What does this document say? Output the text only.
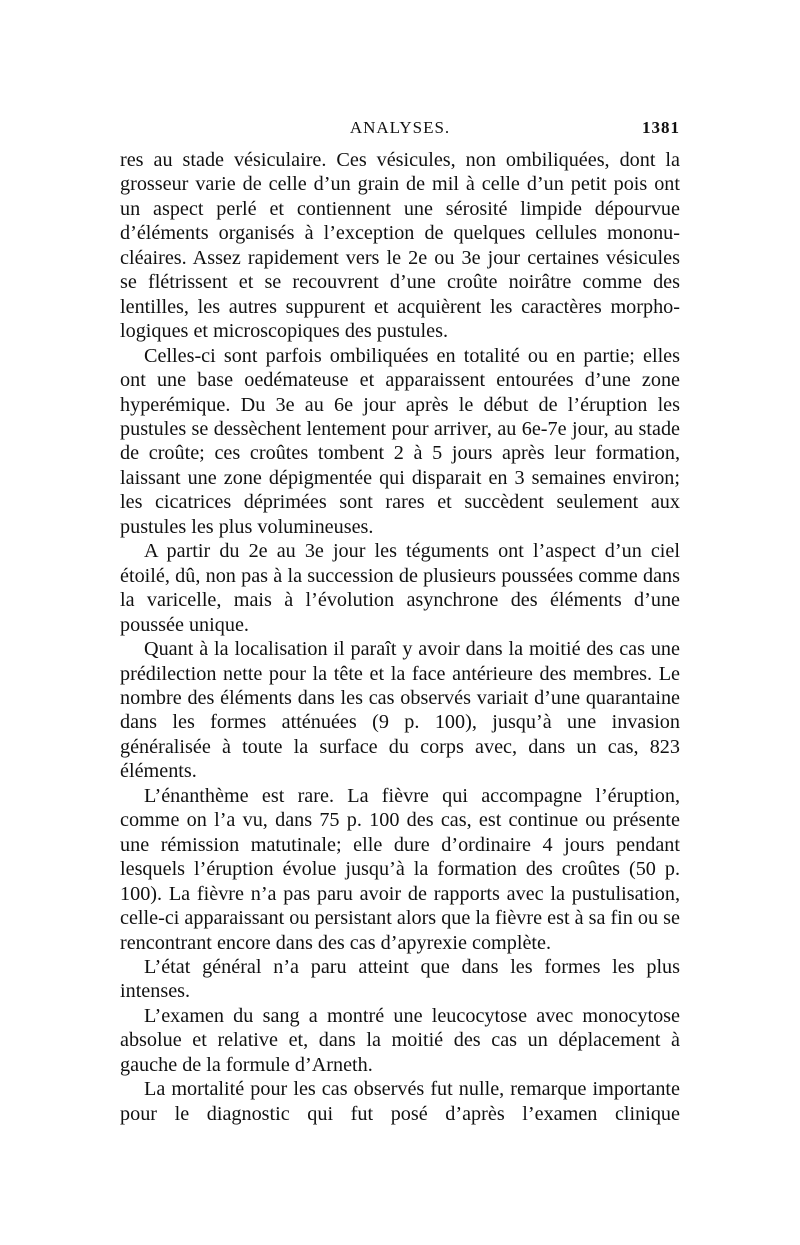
ANALYSES.	1381

res au stade vésiculaire. Ces vésicules, non ombiliquées, dont la grosseur varie de celle d’un grain de mil à celle d’un petit pois ont un aspect perlé et contiennent une sérosité limpide dépourvue d’éléments organisés à l’exception de quelques cellules mononucléaires. Assez rapidement vers le 2e ou 3e jour certaines vésicules se flétrissent et se recouvrent d’une croûte noirâtre comme des lentilles, les autres suppurent et acquièrent les caractères morphologiques et microscopiques des pustules.

Celles-ci sont parfois ombiliquées en totalité ou en partie; elles ont une base oedémateuse et apparaissent entourées d’une zone hyperémique. Du 3e au 6e jour après le début de l’éruption les pustules se dessèchent lentement pour arriver, au 6e-7e jour, au stade de croûte; ces croûtes tombent 2 à 5 jours après leur formation, laissant une zone dépigmentée qui disparait en 3 semaines environ; les cicatrices déprimées sont rares et succèdent seulement aux pustules les plus volumineuses.

A partir du 2e au 3e jour les téguments ont l’aspect d’un ciel étoilé, dû, non pas à la succession de plusieurs poussées comme dans la varicelle, mais à l’évolution asynchrone des éléments d’une poussée unique.

Quant à la localisation il paraît y avoir dans la moitié des cas une prédilection nette pour la tête et la face antérieure des membres. Le nombre des éléments dans les cas observés variait d’une quarantaine dans les formes atténuées (9 p. 100), jusqu’à une invasion généralisée à toute la surface du corps avec, dans un cas, 823 éléments.

L’énanthème est rare. La fièvre qui accompagne l’éruption, comme on l’a vu, dans 75 p. 100 des cas, est continue ou présente une rémission matutinale; elle dure d’ordinaire 4 jours pendant lesquels l’éruption évolue jusqu’à la formation des croûtes (50 p. 100). La fièvre n’a pas paru avoir de rapports avec la pustulisation, celle-ci apparaissant ou persistant alors que la fièvre est à sa fin ou se rencontrant encore dans des cas d’apyrexie complète.

L’état général n’a paru atteint que dans les formes les plus intenses.

L’examen du sang a montré une leucocytose avec monocytose absolue et relative et, dans la moitié des cas un déplacement à gauche de la formule d’Arneth.

La mortalité pour les cas observés fut nulle, remarque importante pour le diagnostic qui fut posé d’après l’examen clinique
